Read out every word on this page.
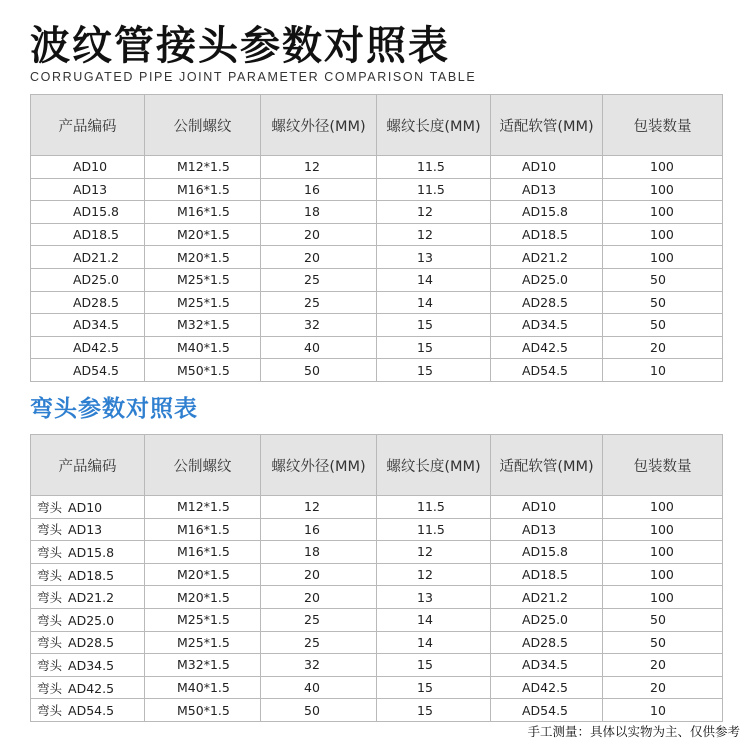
波纹管接头参数对照表
CORRUGATED PIPE JOINT PARAMETER COMPARISON TABLE
产品编码	公制螺纹	螺纹外径(MM)	螺纹长度(MM)	适配软管(MM)	包装数量
AD10	M12*1.5	12	11.5	AD10	100
AD13	M16*1.5	16	11.5	AD13	100
AD15.8	M16*1.5	18	12	AD15.8	100
AD18.5	M20*1.5	20	12	AD18.5	100
AD21.2	M20*1.5	20	13	AD21.2	100
AD25.0	M25*1.5	25	14	AD25.0	50
AD28.5	M25*1.5	25	14	AD28.5	50
AD34.5	M32*1.5	32	15	AD34.5	50
AD42.5	M40*1.5	40	15	AD42.5	20
AD54.5	M50*1.5	50	15	AD54.5	10
弯头参数对照表
产品编码	公制螺纹	螺纹外径(MM)	螺纹长度(MM)	适配软管(MM)	包装数量
弯头 AD10	M12*1.5	12	11.5	AD10	100
弯头 AD13	M16*1.5	16	11.5	AD13	100
弯头 AD15.8	M16*1.5	18	12	AD15.8	100
弯头 AD18.5	M20*1.5	20	12	AD18.5	100
弯头 AD21.2	M20*1.5	20	13	AD21.2	100
弯头 AD25.0	M25*1.5	25	14	AD25.0	50
弯头 AD28.5	M25*1.5	25	14	AD28.5	50
弯头 AD34.5	M32*1.5	32	15	AD34.5	20
弯头 AD42.5	M40*1.5	40	15	AD42.5	20
弯头 AD54.5	M50*1.5	50	15	AD54.5	10
手工测量：具体以实物为主、仅供参考
